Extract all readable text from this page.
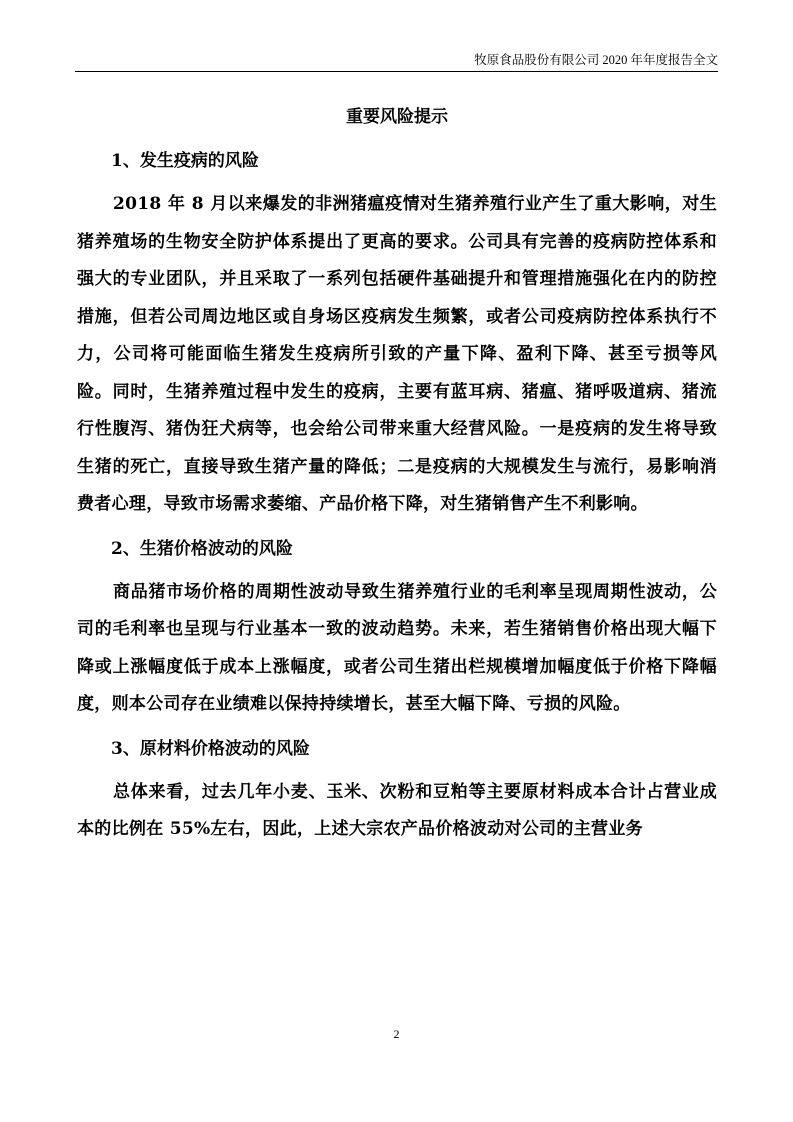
牧原食品股份有限公司 2020 年年度报告全文

重要风险提示

1、发生疫病的风险

2018 年 8 月以来爆发的非洲猪瘟疫情对生猪养殖行业产生了重大影响，对生猪养殖场的生物安全防护体系提出了更高的要求。公司具有完善的疫病防控体系和强大的专业团队，并且采取了一系列包括硬件基础提升和管理措施强化在内的防控措施，但若公司周边地区或自身场区疫病发生频繁，或者公司疫病防控体系执行不力，公司将可能面临生猪发生疫病所引致的产量下降、盈利下降、甚至亏损等风险。同时，生猪养殖过程中发生的疫病，主要有蓝耳病、猪瘟、猪呼吸道病、猪流行性腹泻、猪伪狂犬病等，也会给公司带来重大经营风险。一是疫病的发生将导致生猪的死亡，直接导致生猪产量的降低；二是疫病的大规模发生与流行，易影响消费者心理，导致市场需求萎缩、产品价格下降，对生猪销售产生不利影响。

2、生猪价格波动的风险

商品猪市场价格的周期性波动导致生猪养殖行业的毛利率呈现周期性波动，公司的毛利率也呈现与行业基本一致的波动趋势。未来，若生猪销售价格出现大幅下降或上涨幅度低于成本上涨幅度，或者公司生猪出栏规模增加幅度低于价格下降幅度，则本公司存在业绩难以保持持续增长，甚至大幅下降、亏损的风险。

3、原材料价格波动的风险

总体来看，过去几年小麦、玉米、次粉和豆粕等主要原材料成本合计占营业成本的比例在 55%左右，因此，上述大宗农产品价格波动对公司的主营业务

2
